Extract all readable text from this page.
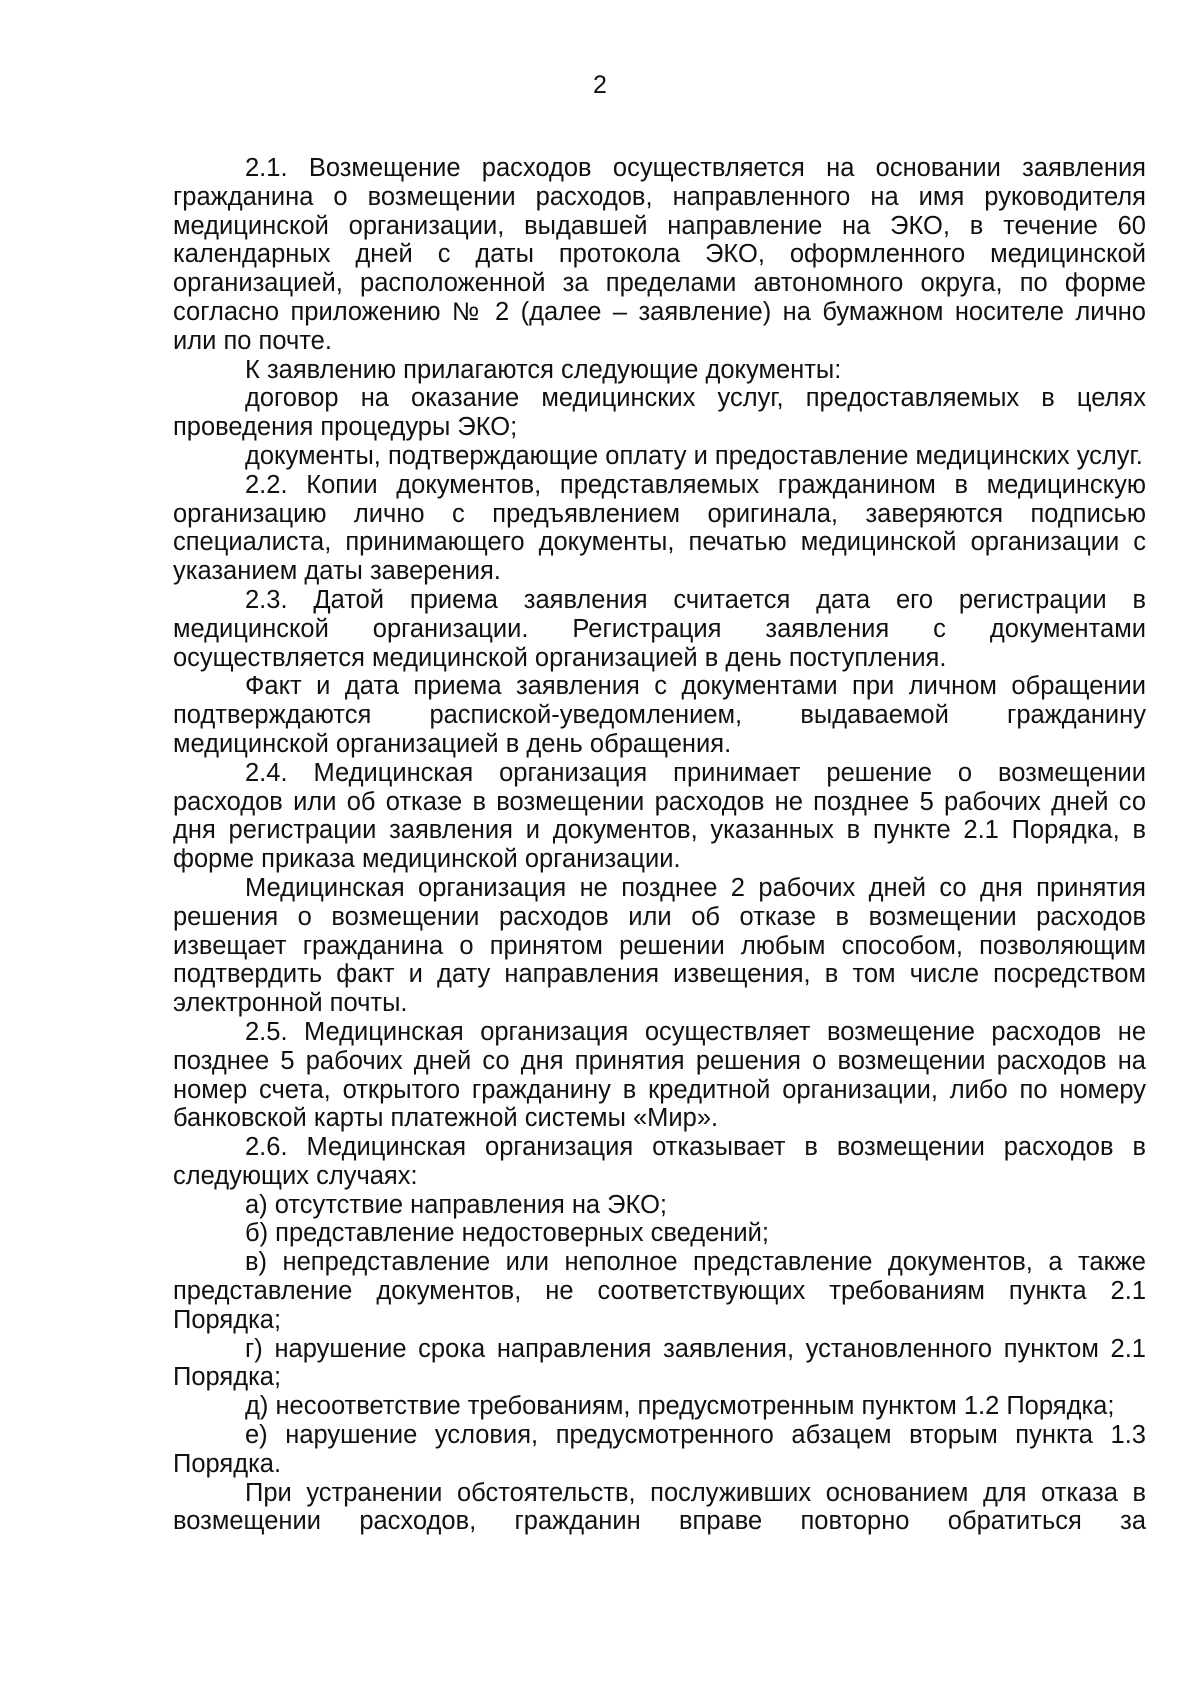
2

2.1. Возмещение расходов осуществляется на основании заявления гражданина о возмещении расходов, направленного на имя руководителя медицинской организации, выдавшей направление на ЭКО, в течение 60 календарных дней с даты протокола ЭКО, оформленного медицинской организацией, расположенной за пределами автономного округа, по форме согласно приложению № 2 (далее – заявление) на бумажном носителе лично или по почте.

К заявлению прилагаются следующие документы:

договор на оказание медицинских услуг, предоставляемых в целях проведения процедуры ЭКО;

документы, подтверждающие оплату и предоставление медицинских услуг.

2.2. Копии документов, представляемых гражданином в медицинскую организацию лично с предъявлением оригинала, заверяются подписью специалиста, принимающего документы, печатью медицинской организации с указанием даты заверения.

2.3. Датой приема заявления считается дата его регистрации в медицинской организации. Регистрация заявления с документами осуществляется медицинской организацией в день поступления.

Факт и дата приема заявления с документами при личном обращении подтверждаются распиской-уведомлением, выдаваемой гражданину медицинской организацией в день обращения.

2.4. Медицинская организация принимает решение о возмещении расходов или об отказе в возмещении расходов не позднее 5 рабочих дней со дня регистрации заявления и документов, указанных в пункте 2.1 Порядка, в форме приказа медицинской организации.

Медицинская организация не позднее 2 рабочих дней со дня принятия решения о возмещении расходов или об отказе в возмещении расходов извещает гражданина о принятом решении любым способом, позволяющим подтвердить факт и дату направления извещения, в том числе посредством электронной почты.

2.5. Медицинская организация осуществляет возмещение расходов не позднее 5 рабочих дней со дня принятия решения о возмещении расходов на номер счета, открытого гражданину в кредитной организации, либо по номеру банковской карты платежной системы «Мир».

2.6. Медицинская организация отказывает в возмещении расходов в следующих случаях:

а) отсутствие направления на ЭКО;

б) представление недостоверных сведений;

в) непредставление или неполное представление документов, а также представление документов, не соответствующих требованиям пункта 2.1 Порядка;

г) нарушение срока направления заявления, установленного пунктом 2.1 Порядка;

д) несоответствие требованиям, предусмотренным пунктом 1.2 Порядка;

е) нарушение условия, предусмотренного абзацем вторым пункта 1.3 Порядка.

При устранении обстоятельств, послуживших основанием для отказа в возмещении расходов, гражданин вправе повторно обратиться за
